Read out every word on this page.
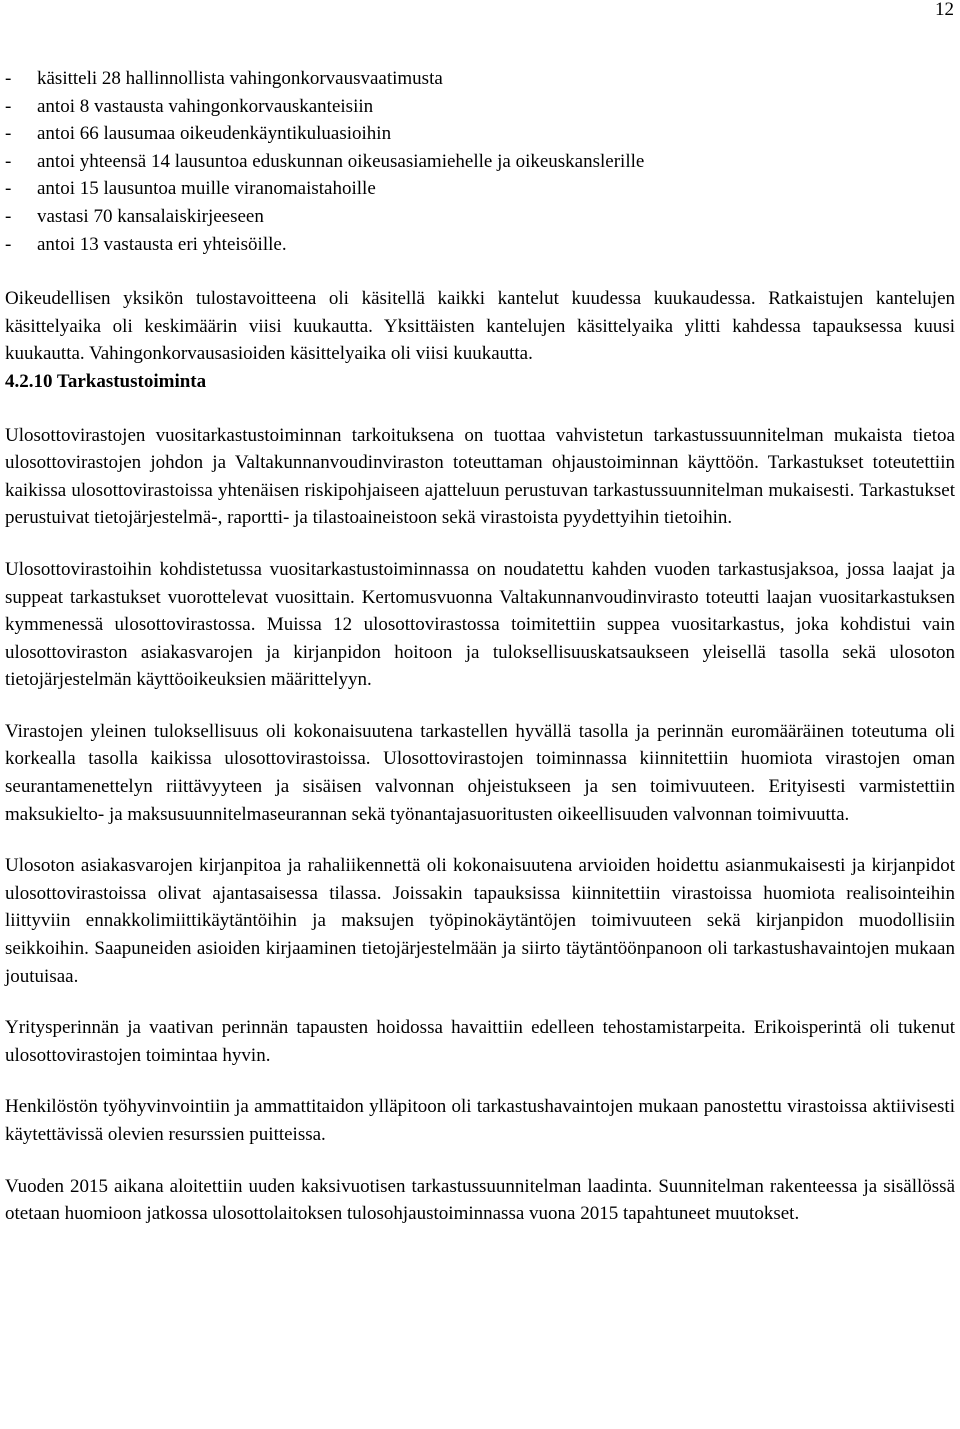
12
-	käsitteli 28 hallinnollista vahingonkorvausvaatimusta
-	antoi 8 vastausta vahingonkorvauskanteisiin
-	antoi 66 lausumaa oikeudenkäyntikuluasioihin
-	antoi yhteensä 14 lausuntoa eduskunnan oikeusasiamiehelle ja oikeuskanslerille
-	antoi 15 lausuntoa muille viranomaistahoille
-	vastasi 70 kansalaiskirjeeseen
-	antoi 13 vastausta eri yhteisöille.

Oikeudellisen yksikön tulostavoitteena oli käsitellä kaikki kantelut kuudessa kuukaudessa. Ratkaistujen kantelujen käsittelyaika oli keskimäärin viisi kuukautta. Yksittäisten kantelujen käsittelyaika ylitti kahdessa tapauksessa kuusi kuukautta. Vahingonkorvausasioiden käsittelyaika oli viisi kuukautta.

4.2.10 Tarkastustoiminta

Ulosottovirastojen vuositarkastustoiminnan tarkoituksena on tuottaa vahvistetun tarkastussuunnitelman mukaista tietoa ulosottovirastojen johdon ja Valtakunnanvoudinviraston toteuttaman ohjaustoiminnan käyttöön. Tarkastukset toteutettiin kaikissa ulosottovirastoissa yhtenäisen riskipohjaiseen ajatteluun perustuvan tarkastussuunnitelman mukaisesti. Tarkastukset perustuivat tietojärjestelmä-, raportti- ja tilastoaineistoon sekä virastoista pyydettyihin tietoihin.

Ulosottovirastoihin kohdistetussa vuositarkastustoiminnassa on noudatettu kahden vuoden tarkastusjaksoa, jossa laajat ja suppeat tarkastukset vuorottelevat vuosittain. Kertomusvuonna Valtakunnanvoudinvirasto toteutti laajan vuositarkastuksen kymmenessä ulosottovirastossa. Muissa 12 ulosottovirastossa toimitettiin suppea vuositarkastus, joka kohdistui vain ulosottoviraston asiakasvarojen ja kirjanpidon hoitoon ja tuloksellisuuskatsaukseen yleisellä tasolla sekä ulosoton tietojärjestelmän käyttöoikeuksien määrittelyyn.

Virastojen yleinen tuloksellisuus oli kokonaisuutena tarkastellen hyvällä tasolla ja perinnän euromääräinen toteutuma oli korkealla tasolla kaikissa ulosottovirastoissa. Ulosottovirastojen toiminnassa kiinnitettiin huomiota virastojen oman seurantamenettelyn riittävyyteen ja sisäisen valvonnan ohjeistukseen ja sen toimivuuteen. Erityisesti varmistettiin maksukielto- ja maksusuunnitelmaseurannan sekä työnantajasuoritusten oikeellisuuden valvonnan toimivuutta.

Ulosoton asiakasvarojen kirjanpitoa ja rahaliikennettä oli kokonaisuutena arvioiden hoidettu asianmukaisesti ja kirjanpidot ulosottovirastoissa olivat ajantasaisessa tilassa. Joissakin tapauksissa kiinnitettiin virastoissa huomiota realisointeihin liittyviin ennakkolimiittikäytäntöihin ja maksujen työpinokäytäntöjen toimivuuteen sekä kirjanpidon muodollisiin seikkoihin. Saapuneiden asioiden kirjaaminen tietojärjestelmään ja siirto täytäntöönpanoon oli tarkastushavaintojen mukaan joutuisaa.

Yritysperinnän ja vaativan perinnän tapausten hoidossa havaittiin edelleen tehostamistarpeita. Erikoisperintä oli tukenut ulosottovirastojen toimintaa hyvin.

Henkilöstön työhyvinvointiin ja ammattitaidon ylläpitoon oli tarkastushavaintojen mukaan panostettu virastoissa aktiivisesti käytettävissä olevien resurssien puitteissa.

Vuoden 2015 aikana aloitettiin uuden kaksivuotisen tarkastussuunnitelman laadinta. Suunnitelman rakenteessa ja sisällössä otetaan huomioon jatkossa ulosottolaitoksen tulosohjaustoiminnassa vuona 2015 tapahtuneet muutokset.
